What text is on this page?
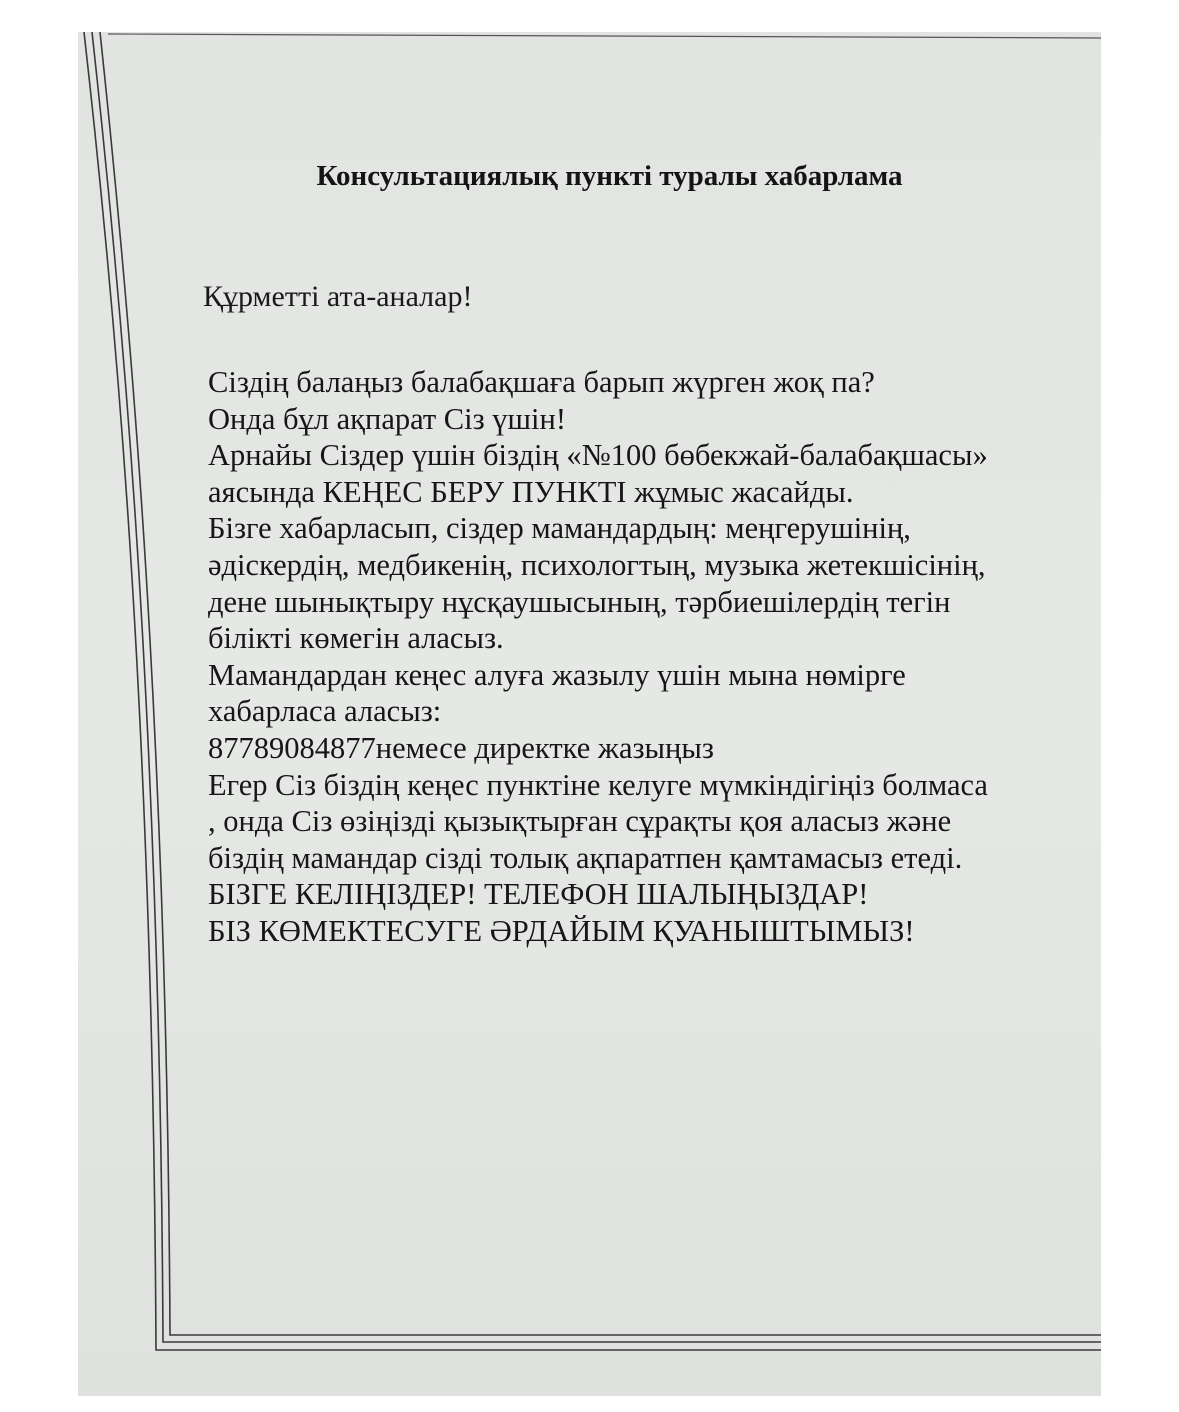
Консультациялық пункті туралы хабарлама
Құрметті ата-аналар!
Сіздің балаңыз балабақшаға барып жүрген жоқ па?
Онда бұл ақпарат Сіз үшін!
Арнайы Сіздер үшін біздің «№100 бөбекжай-балабақшасы»
аясында КЕҢЕС БЕРУ ПУНКТІ жұмыс жасайды.
Бізге хабарласып, сіздер мамандардың: меңгерушінің,
әдіскердің, медбикенің, психологтың, музыка жетекшісінің,
дене шынықтыру нұсқаушысының, тәрбиешілердің тегін
білікті көмегін аласыз.
Мамандардан кеңес алуға жазылу үшін мына нөмірге
хабарласа аласыз:
87789084877немесе директке жазыңыз
Егер Сіз біздің кеңес пунктіне келуге мүмкіндігіңіз болмаса
, онда Сіз өзіңізді қызықтырған сұрақты қоя аласыз және
біздің мамандар сізді толық ақпаратпен қамтамасыз етеді.
БІЗГЕ КЕЛІҢІЗДЕР! ТЕЛЕФОН ШАЛЫҢЫЗДАР!
БІЗ КӨМЕКТЕСУГЕ ӘРДАЙЫМ ҚУАНЫШТЫМЫЗ!
